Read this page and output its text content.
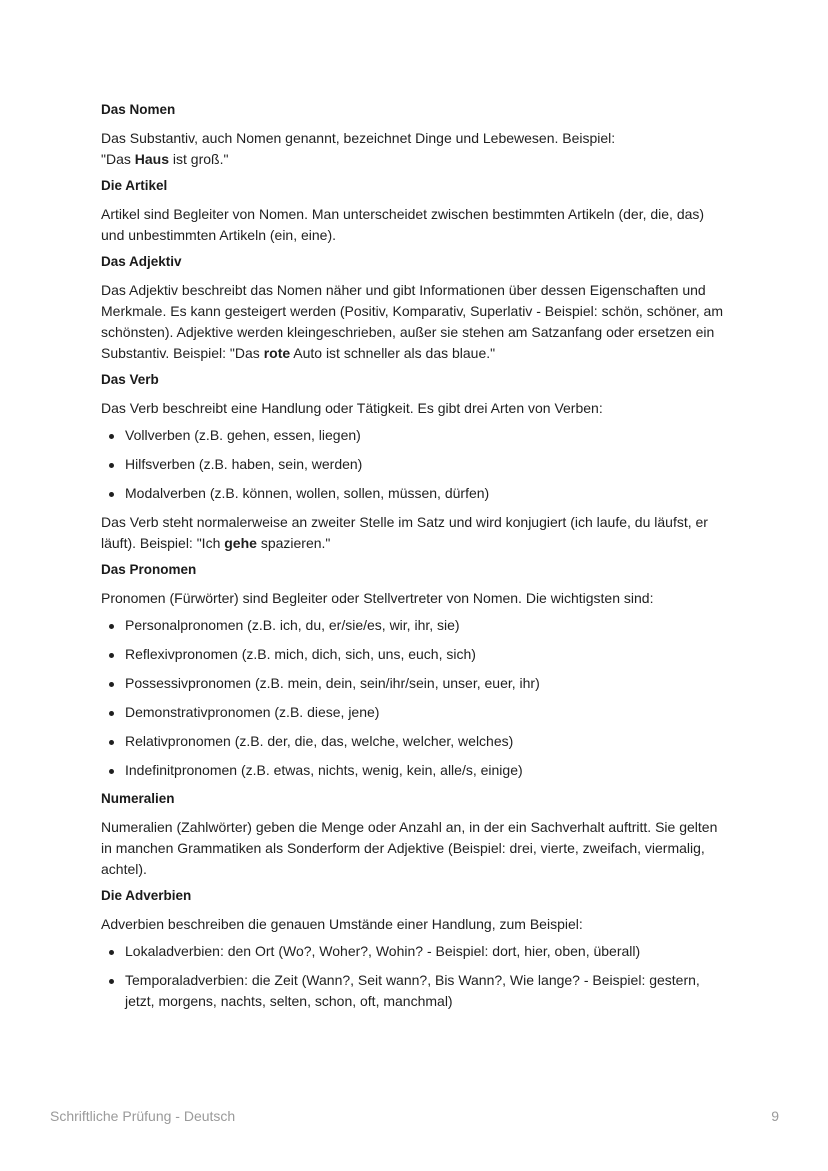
Das Nomen

Das Substantiv, auch Nomen genannt, bezeichnet Dinge und Lebewesen. Beispiel:
"Das Haus ist groß."

Die Artikel

Artikel sind Begleiter von Nomen. Man unterscheidet zwischen bestimmten Artikeln (der, die, das) und unbestimmten Artikeln (ein, eine).

Das Adjektiv

Das Adjektiv beschreibt das Nomen näher und gibt Informationen über dessen Eigenschaften und Merkmale. Es kann gesteigert werden (Positiv, Komparativ, Superlativ - Beispiel: schön, schöner, am schönsten). Adjektive werden kleingeschrieben, außer sie stehen am Satzanfang oder ersetzen ein Substantiv. Beispiel: "Das rote Auto ist schneller als das blaue."

Das Verb

Das Verb beschreibt eine Handlung oder Tätigkeit. Es gibt drei Arten von Verben:

Vollverben (z.B. gehen, essen, liegen)
Hilfsverben (z.B. haben, sein, werden)
Modalverben (z.B. können, wollen, sollen, müssen, dürfen)

Das Verb steht normalerweise an zweiter Stelle im Satz und wird konjugiert (ich laufe, du läufst, er läuft). Beispiel: "Ich gehe spazieren."

Das Pronomen

Pronomen (Fürwörter) sind Begleiter oder Stellvertreter von Nomen. Die wichtigsten sind:

Personalpronomen (z.B. ich, du, er/sie/es, wir, ihr, sie)
Reflexivpronomen (z.B. mich, dich, sich, uns, euch, sich)
Possessivpronomen (z.B. mein, dein, sein/ihr/sein, unser, euer, ihr)
Demonstrativpronomen (z.B. diese, jene)
Relativpronomen (z.B. der, die, das, welche, welcher, welches)
Indefinitpronomen (z.B. etwas, nichts, wenig, kein, alle/s, einige)
Numeralien

Numeralien (Zahlwörter) geben die Menge oder Anzahl an, in der ein Sachverhalt auftritt. Sie gelten in manchen Grammatiken als Sonderform der Adjektive (Beispiel: drei, vierte, zweifach, viermalig, achtel).

Die Adverbien

Adverbien beschreiben die genauen Umstände einer Handlung, zum Beispiel:

Lokaladverbien: den Ort (Wo?, Woher?, Wohin? - Beispiel: dort, hier, oben, überall)
Temporaladverbien: die Zeit (Wann?, Seit wann?, Bis Wann?, Wie lange? - Beispiel: gestern, jetzt, morgens, nachts, selten, schon, oft, manchmal)
Schriftliche Prüfung - Deutsch	9
